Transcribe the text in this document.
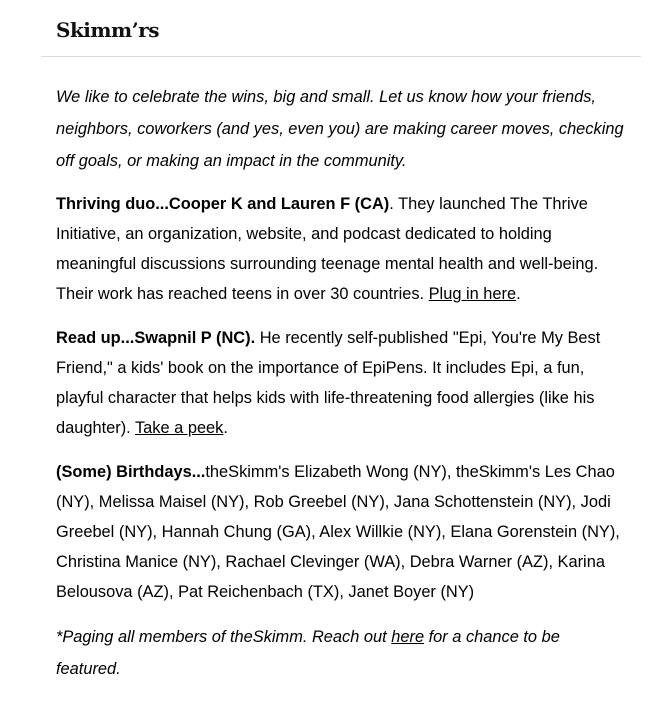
Skimm’rs

We like to celebrate the wins, big and small. Let us know how your friends, neighbors, coworkers (and yes, even you) are making career moves, checking off goals, or making an impact in the community.

Thriving duo...Cooper K and Lauren F (CA). They launched The Thrive Initiative, an organization, website, and podcast dedicated to holding meaningful discussions surrounding teenage mental health and well-being. Their work has reached teens in over 30 countries. Plug in here.

Read up...Swapnil P (NC). He recently self-published "Epi, You're My Best Friend," a kids' book on the importance of EpiPens. It includes Epi, a fun, playful character that helps kids with life-threatening food allergies (like his daughter). Take a peek.

(Some) Birthdays...theSkimm's Elizabeth Wong (NY), theSkimm's Les Chao (NY), Melissa Maisel (NY), Rob Greebel (NY), Jana Schottenstein (NY), Jodi Greebel (NY), Hannah Chung (GA), Alex Willkie (NY), Elana Gorenstein (NY), Christina Manice (NY), Rachael Clevinger (WA), Debra Warner (AZ), Karina Belousova (AZ), Pat Reichenbach (TX), Janet Boyer (NY)

*Paging all members of theSkimm. Reach out here for a chance to be featured.
